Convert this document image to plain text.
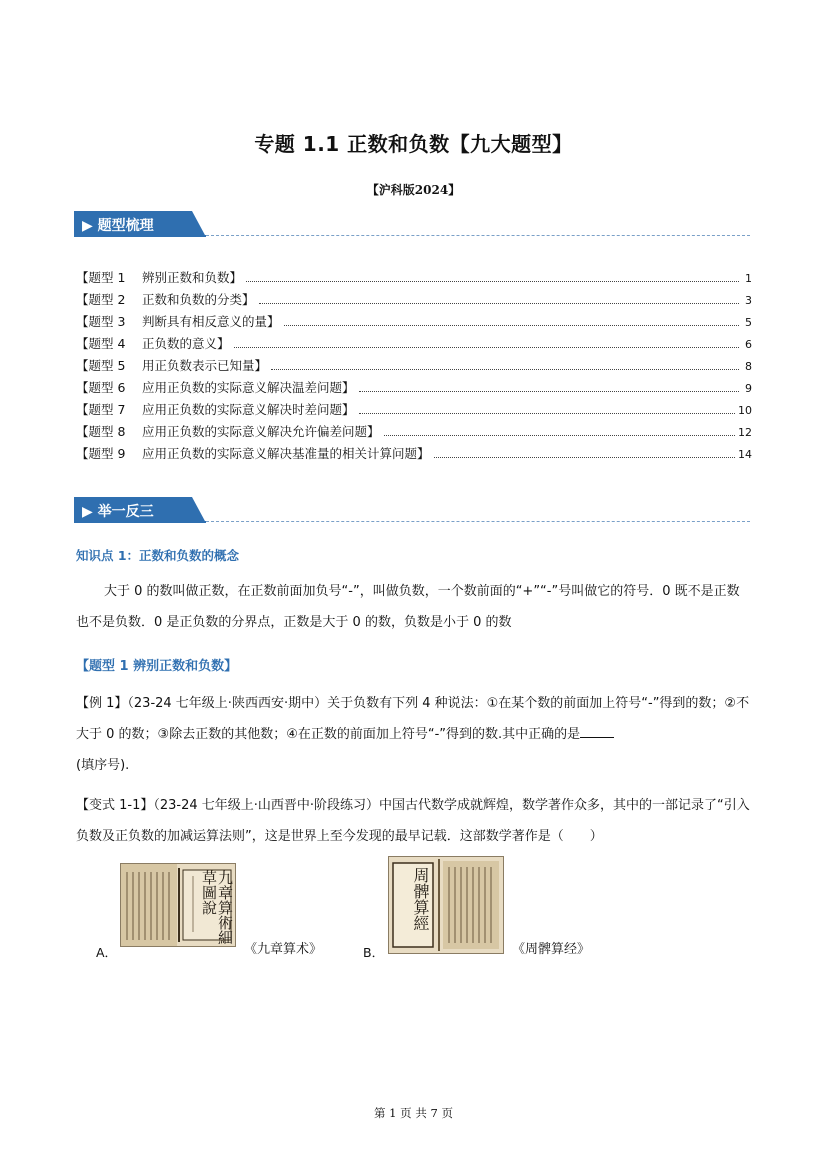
专题 1.1 正数和负数【九大题型】
【沪科版2024】
▶ 题型梳理
【题型 1 辨别正数和负数】	1
【题型 2 正数和负数的分类】	3
【题型 3 判断具有相反意义的量】	5
【题型 4 正负数的意义】	6
【题型 5 用正负数表示已知量】	8
【题型 6 应用正负数的实际意义解决温差问题】	9
【题型 7 应用正负数的实际意义解决时差问题】	10
【题型 8 应用正负数的实际意义解决允许偏差问题】	12
【题型 9 应用正负数的实际意义解决基准量的相关计算问题】	14
▶ 举一反三
知识点 1：正数和负数的概念
大于 0 的数叫做正数，在正数前面加负号“-”，叫做负数，一个数前面的“+”“-”号叫做它的符号．0 既不是正数也不是负数．0 是正负数的分界点，正数是大于 0 的数，负数是小于 0 的数
【题型 1 辨别正数和负数】
【例 1】（23-24 七年级上·陕西西安·期中）关于负数有下列 4 种说法：①在某个数的前面加上符号“-”得到的数；②不大于 0 的数；③除去正数的其他数；④在正数的前面加上符号“-”得到的数.其中正确的是
(填序号).
【变式 1-1】（23-24 七年级上·山西晋中·阶段练习）中国古代数学成就辉煌，数学著作众多，其中的一部记录了“引入负数及正负数的加减运算法则”，这是世界上至今发现的最早记载．这部数学著作是（　　）
A．
九章算術細草圖說
《九章算术》	B．
周髀算經
《周髀算经》
第 1 页 共 7 页
